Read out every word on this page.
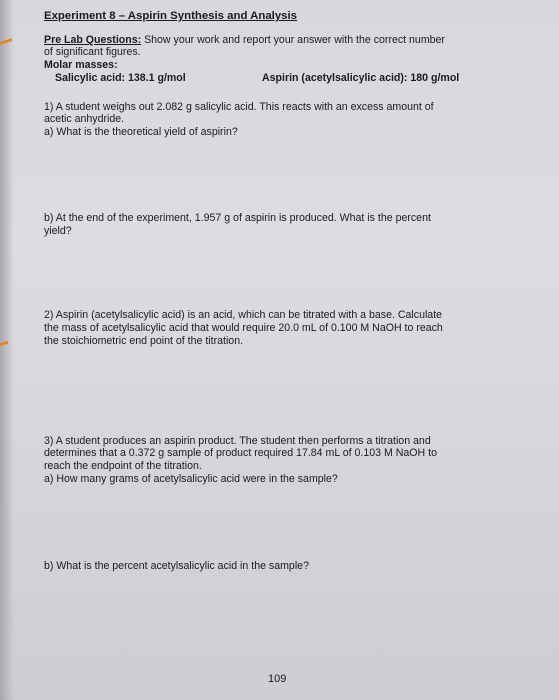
Experiment 8 – Aspirin Synthesis and Analysis
Pre Lab Questions: Show your work and report your answer with the correct number
of significant figures.
Molar masses:
Salicylic acid: 138.1 g/mol	Aspirin (acetylsalicylic acid): 180 g/mol
1) A student weighs out 2.082 g salicylic acid. This reacts with an excess amount of
acetic anhydride.
a) What is the theoretical yield of aspirin?
b) At the end of the experiment, 1.957 g of aspirin is produced. What is the percent
yield?
2) Aspirin (acetylsalicylic acid) is an acid, which can be titrated with a base. Calculate
the mass of acetylsalicylic acid that would require 20.0 mL of 0.100 M NaOH to reach
the stoichiometric end point of the titration.
3) A student produces an aspirin product. The student then performs a titration and
determines that a 0.372 g sample of product required 17.84 mL of 0.103 M NaOH to
reach the endpoint of the titration.
a) How many grams of acetylsalicylic acid were in the sample?
b) What is the percent acetylsalicylic acid in the sample?
109
